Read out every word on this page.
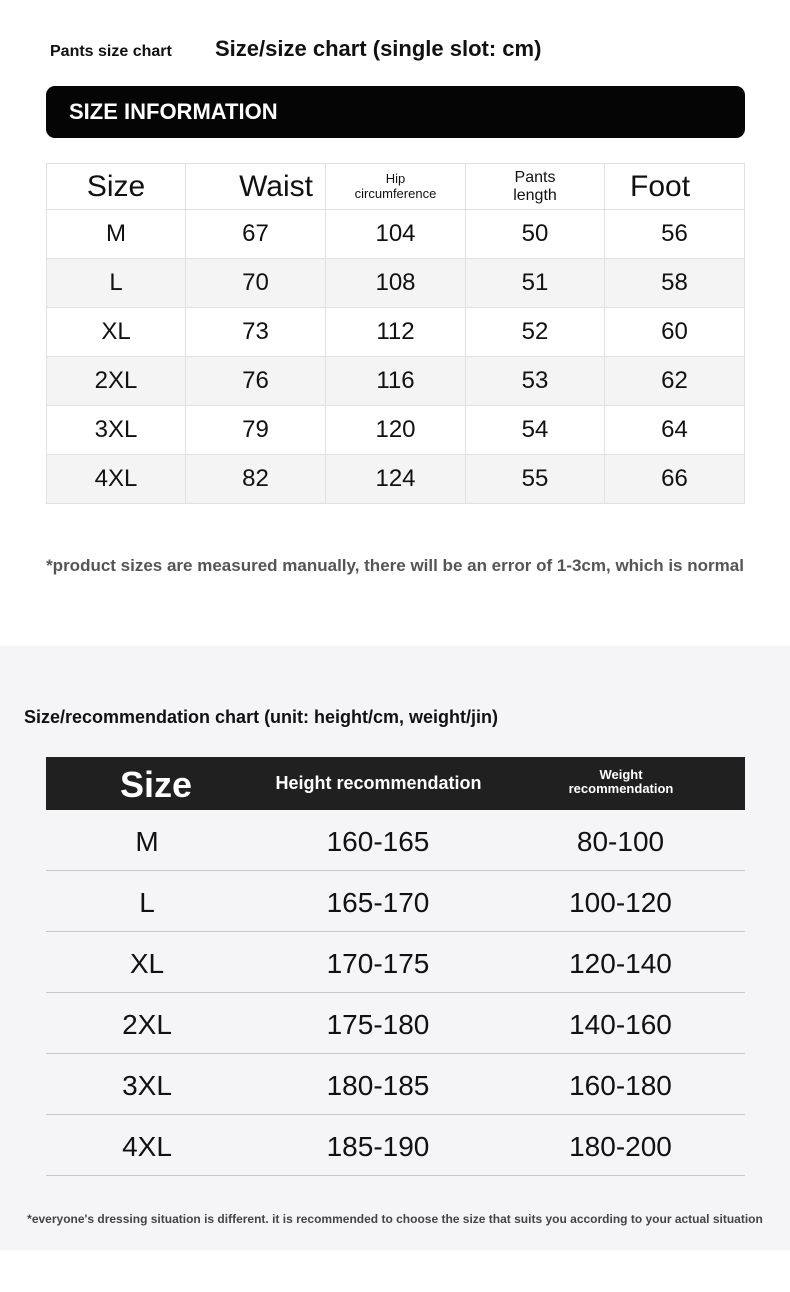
Pants size chart Size/size chart (single slot: cm)
SIZE INFORMATION
Size	Waist	Hip circumference	Pants length	Foot
M	67	104	50	56
L	70	108	51	58
XL	73	112	52	60
2XL	76	116	53	62
3XL	79	120	54	64
4XL	82	124	55	66
*product sizes are measured manually, there will be an error of 1-3cm, which is normal
Size/recommendation chart (unit: height/cm, weight/jin)
Size	Height recommendation	Weight recommendation
M	160-165	80-100
L	165-170	100-120
XL	170-175	120-140
2XL	175-180	140-160
3XL	180-185	160-180
4XL	185-190	180-200
*everyone's dressing situation is different. it is recommended to choose the size that suits you according to your actual situation
